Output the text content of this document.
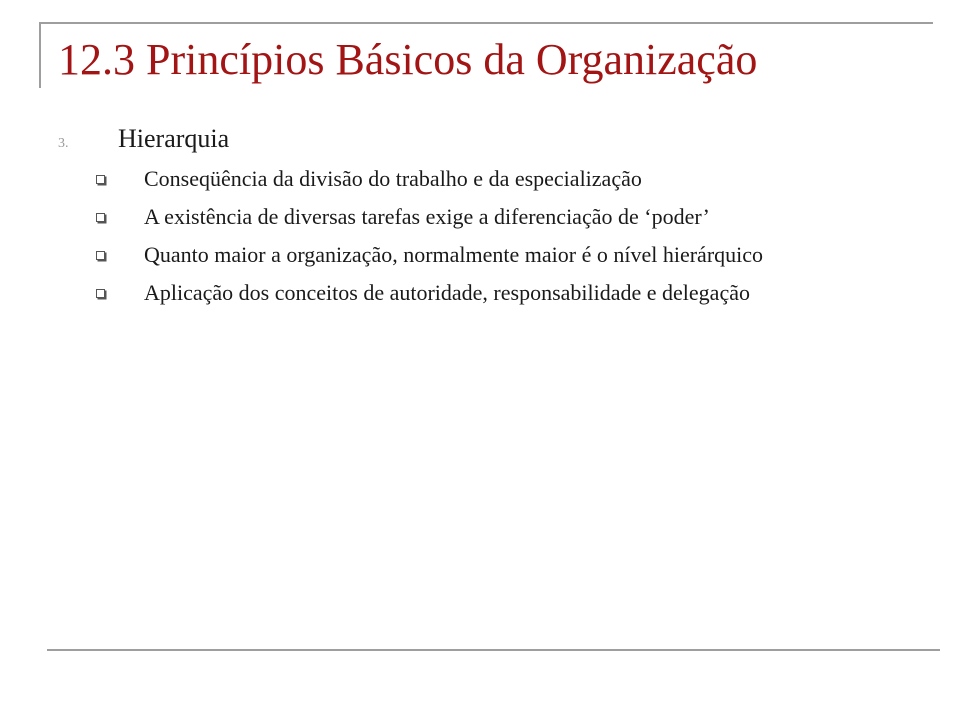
12.3 Princípios Básicos da Organização
3.	Hierarquia
Conseqüência da divisão do trabalho e da especialização
A existência de diversas tarefas exige a diferenciação de ‘poder’
Quanto maior a organização, normalmente maior é o nível hierárquico
Aplicação dos conceitos de autoridade, responsabilidade e delegação
